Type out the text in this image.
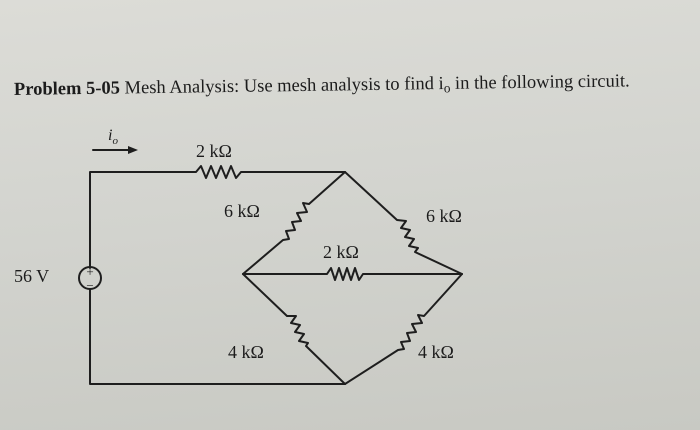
Problem 5-05 Mesh Analysis: Use mesh analysis to find $i_o$ in the following circuit.

+
−
$i_o$
56 V
2 kΩ
6 kΩ	6 kΩ
2 kΩ
4 kΩ	4 kΩ
